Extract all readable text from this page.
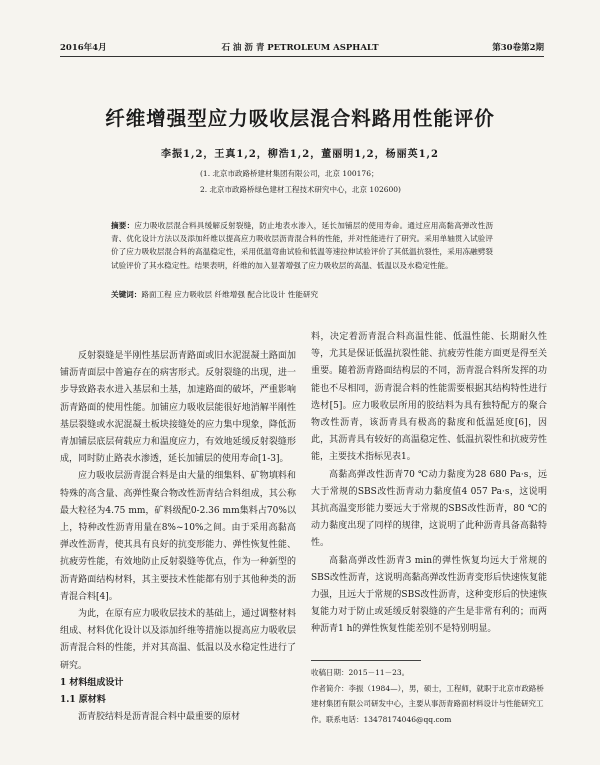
2016年4月	石 油 沥 青 PETROLEUM ASPHALT	第30卷第2期
纤维增强型应力吸收层混合料路用性能评价
李振1,2，王真1,2，柳浩1,2，董丽明1,2，杨丽英1,2
(1. 北京市政路桥建材集团有限公司，北京 100176；
2. 北京市政路桥绿色建材工程技术研究中心，北京 102600)
摘要：应力吸收层混合料具缓解反射裂缝，防止地表水渗入，延长加铺层的使用寿命。通过应用高黏高弹改性沥青、优化设计方法以及添加纤维以提高应力吸收层沥青混合料的性能，并对性能进行了研究。采用单轴贯入试验评价了应力吸收层混合料的高温稳定性，采用低温弯曲试验和低温等速拉伸试验评价了其低温抗裂性，采用冻融劈裂试验评价了其水稳定性。结果表明，纤维的加入显著增强了应力吸收层的高温、低温以及水稳定性能。
关键词：路面工程 应力吸收层 纤维增强 配合比设计 性能研究

反射裂缝是半刚性基层沥青路面或旧水泥混凝土路面加铺沥青面层中普遍存在的病害形式。反射裂缝的出现，进一步导致路表水进入基层和土基，加速路面的破坏，严重影响沥青路面的使用性能。加铺应力吸收层能很好地消解半刚性基层裂缝或水泥混凝土板块接缝处的应力集中现象，降低沥青加铺层底层荷载应力和温度应力，有效地延缓反射裂缝形成，同时防止路表水渗透，延长加铺层的使用寿命[1-3]。

应力吸收层沥青混合料是由大量的细集料、矿物填料和特殊的高含量、高弹性聚合物改性沥青结合料组成，其公称最大粒径为4.75 mm，矿料级配0-2.36 mm集料占70%以上，特种改性沥青用量在8%~10%之间。由于采用高黏高弹改性沥青，使其具有良好的抗变形能力、弹性恢复性能、抗疲劳性能，有效地防止反射裂缝等优点，作为一种新型的沥青路面结构材料，其主要技术性能都有别于其他种类的沥青混合料[4]。

为此，在原有应力吸收层技术的基础上，通过调整材料组成、材料优化设计以及添加纤维等措施以提高应力吸收层沥青混合料的性能，并对其高温、低温以及水稳定性进行了研究。

1 材料组成设计

1.1 原材料

沥青胶结料是沥青混合料中最重要的原材

料，决定着沥青混合料高温性能、低温性能、长期耐久性等，尤其是保证低温抗裂性能、抗疲劳性能方面更是得至关重要。随着沥青路面结构层的不同，沥青混合料所发挥的功能也不尽相同，沥青混合料的性能需要根据其结构特性进行选材[5]。应力吸收层所用的胶结料为具有独特配方的聚合物改性沥青，该沥青具有极高的黏度和低温延度[6]，因此，其沥青具有较好的高温稳定性、低温抗裂性和抗疲劳性能，主要技术指标见表1。

高黏高弹改性沥青70 ℃动力黏度为28 680 Pa·s，远大于常规的SBS改性沥青动力黏度值4 057 Pa·s，这说明其抗高温变形能力要远大于常规的SBS改性沥青，80 ℃的动力黏度出现了同样的规律，这说明了此种沥青具备高黏特性。

高黏高弹改性沥青3 min的弹性恢复均远大于常规的SBS改性沥青，这说明高黏高弹改性沥青变形后快速恢复能力强，且远大于常规的SBS改性沥青，这种变形后的快速恢复能力对于防止或延缓反射裂缝的产生是非常有利的；而两种沥青1 h的弹性恢复性能差别不是特别明显。

收稿日期：2015－11－23。

作者简介：李振（1984—），男，硕士，工程师，就职于北京市政路桥建材集团有限公司研发中心，主要从事沥青路面材料设计与性能研究工作。联系电话：13478174046@qq.com
